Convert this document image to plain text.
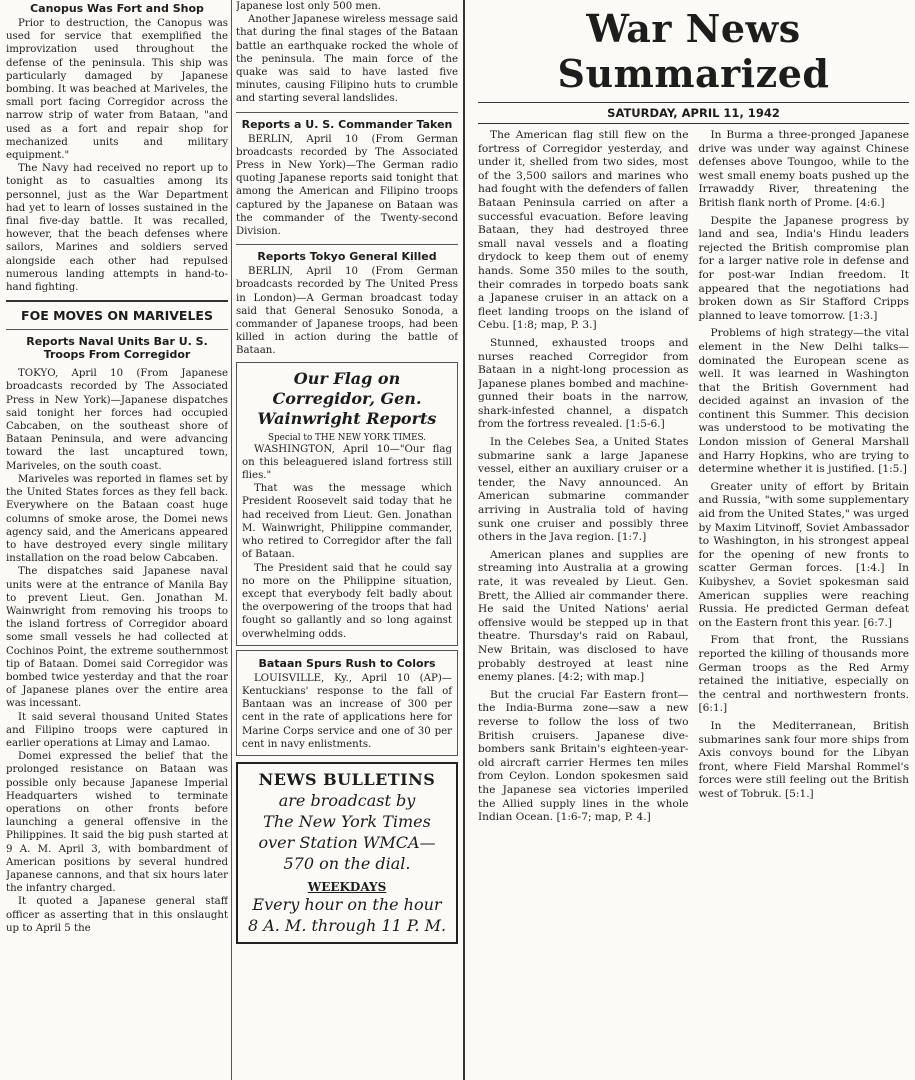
Canopus Was Fort and Shop

Prior to destruction, the Canopus was used for service that exemplified the improvization used throughout the defense of the peninsula. This ship was particularly damaged by Japanese bombing. It was beached at Mariveles, the small port facing Corregidor across the narrow strip of water from Bataan, "and used as a fort and repair shop for mechanized units and military equipment."

The Navy had received no report up to tonight as to casualties among its personnel, just as the War Department had yet to learn of losses sustained in the final five-day battle. It was recalled, however, that the beach defenses where sailors, Marines and soldiers served alongside each other had repulsed numerous landing attempts in hand-to-hand fighting.

FOE MOVES ON MARIVELES
Reports Naval Units Bar U. S. Troops From Corregidor

TOKYO, April 10 (From Japanese broadcasts recorded by The Associated Press in New York)—Japanese dispatches said tonight her forces had occupied Cabcaben, on the southeast shore of Bataan Peninsula, and were advancing toward the last uncaptured town, Mariveles, on the south coast.

Mariveles was reported in flames set by the United States forces as they fell back. Everywhere on the Bataan coast huge columns of smoke arose, the Domei news agency said, and the Americans appeared to have destroyed every single military installation on the road below Cabcaben.

The dispatches said Japanese naval units were at the entrance of Manila Bay to prevent Lieut. Gen. Jonathan M. Wainwright from removing his troops to the island fortress of Corregidor aboard some small vessels he had collected at Cochinos Point, the extreme southernmost tip of Bataan. Domei said Corregidor was bombed twice yesterday and that the roar of Japanese planes over the entire area was incessant.

It said several thousand United States and Filipino troops were captured in earlier operations at Limay and Lamao.

Domei expressed the belief that the prolonged resistance on Bataan was possible only because Japanese Imperial Headquarters wished to terminate operations on other fronts before launching a general offensive in the Philippines. It said the big push started at 9 A. M. April 3, with bombardment of American positions by several hundred Japanese cannons, and that six hours later the infantry charged.

It quoted a Japanese general staff officer as asserting that in this onslaught up to April 5 the

Japanese lost only 500 men.

Another Japanese wireless message said that during the final stages of the Bataan battle an earthquake rocked the whole of the peninsula. The main force of the quake was said to have lasted five minutes, causing Filipino huts to crumble and starting several landslides.

Reports a U. S. Commander Taken

BERLIN, April 10 (From German broadcasts recorded by The Associated Press in New York)—The German radio quoting Japanese reports said tonight that among the American and Filipino troops captured by the Japanese on Bataan was the commander of the Twenty-second Division.

Reports Tokyo General Killed

BERLIN, April 10 (From German broadcasts recorded by The United Press in London)—A German broadcast today said that General Senosuko Sonoda, a commander of Japanese troops, had been killed in action during the battle of Bataan.

Our Flag on Corregidor, Gen. Wainwright Reports
Special to THE NEW YORK TIMES.

WASHINGTON, April 10—"Our flag on this beleaguered island fortress still flies."

That was the message which President Roosevelt said today that he had received from Lieut. Gen. Jonathan M. Wainwright, Philippine commander, who retired to Corregidor after the fall of Bataan.

The President said that he could say no more on the Philippine situation, except that everybody felt badly about the overpowering of the troops that had fought so gallantly and so long against overwhelming odds.

Bataan Spurs Rush to Colors

LOUISVILLE, Ky., April 10 (AP)—Kentuckians' response to the fall of Bantaan was an increase of 300 per cent in the rate of applications here for Marine Corps service and one of 30 per cent in navy enlistments.

NEWS BULLETINS
are broadcast by
The New York Times
over Station WMCA—
570 on the dial.
WEEKDAYS
Every hour on the hour
8 A. M. through 11 P. M.
War News Summarized
SATURDAY, APRIL 11, 1942

The American flag still flew on the fortress of Corregidor yesterday, and under it, shelled from two sides, most of the 3,500 sailors and marines who had fought with the defenders of fallen Bataan Peninsula carried on after a successful evacuation. Before leaving Bataan, they had destroyed three small naval vessels and a floating drydock to keep them out of enemy hands. Some 350 miles to the south, their comrades in torpedo boats sank a Japanese cruiser in an attack on a fleet landing troops on the island of Cebu. [1:8; map, P. 3.]

Stunned, exhausted troops and nurses reached Corregidor from Bataan in a night-long procession as Japanese planes bombed and machine-gunned their boats in the narrow, shark-infested channel, a dispatch from the fortress revealed. [1:5-6.]

In the Celebes Sea, a United States submarine sank a large Japanese vessel, either an auxiliary cruiser or a tender, the Navy announced. An American submarine commander arriving in Australia told of having sunk one cruiser and possibly three others in the Java region. [1:7.]

American planes and supplies are streaming into Australia at a growing rate, it was revealed by Lieut. Gen. Brett, the Allied air commander there. He said the United Nations' aerial offensive would be stepped up in that theatre. Thursday's raid on Rabaul, New Britain, was disclosed to have probably destroyed at least nine enemy planes. [4:2; with map.]

But the crucial Far Eastern front—the India-Burma zone—saw a new reverse to follow the loss of two British cruisers. Japanese dive-bombers sank Britain's eighteen-year-old aircraft carrier Hermes ten miles from Ceylon. London spokesmen said the Japanese sea victories imperiled the Allied supply lines in the whole Indian Ocean. [1:6-7; map, P. 4.]

In Burma a three-pronged Japanese drive was under way against Chinese defenses above Toungoo, while to the west small enemy boats pushed up the Irrawaddy River, threatening the British flank north of Prome. [4:6.]

Despite the Japanese progress by land and sea, India's Hindu leaders rejected the British compromise plan for a larger native role in defense and for post-war Indian freedom. It appeared that the negotiations had broken down as Sir Stafford Cripps planned to leave tomorrow. [1:3.]

Problems of high strategy—the vital element in the New Delhi talks—dominated the European scene as well. It was learned in Washington that the British Government had decided against an invasion of the continent this Summer. This decision was understood to be motivating the London mission of General Marshall and Harry Hopkins, who are trying to determine whether it is justified. [1:5.]

Greater unity of effort by Britain and Russia, "with some supplementary aid from the United States," was urged by Maxim Litvinoff, Soviet Ambassador to Washington, in his strongest appeal for the opening of new fronts to scatter German forces. [1:4.] In Kuibyshev, a Soviet spokesman said American supplies were reaching Russia. He predicted German defeat on the Eastern front this year. [6:7.]

From that front, the Russians reported the killing of thousands more German troops as the Red Army retained the initiative, especially on the central and northwestern fronts. [6:1.]

In the Mediterranean, British submarines sank four more ships from Axis convoys bound for the Libyan front, where Field Marshal Rommel's forces were still feeling out the British west of Tobruk. [5:1.]
